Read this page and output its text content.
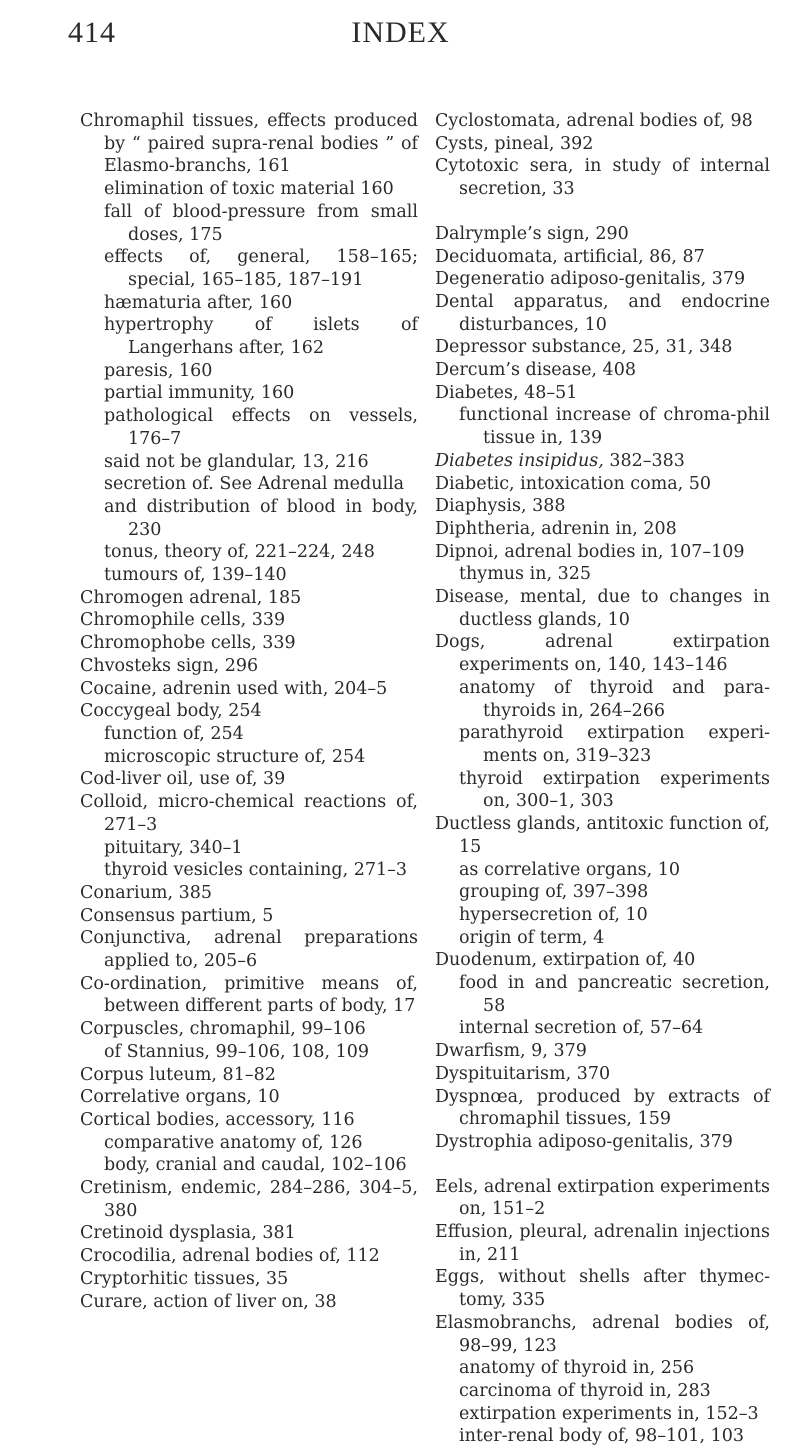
414	INDEX
Chromaphil tissues, effects produced by “ paired supra-renal bodies ” of Elasmo-branchs, 161
elimination of toxic material 160
fall of blood-pressure from small doses, 175
effects of, general, 158–165; special, 165–185, 187–191
hæmaturia after, 160
hypertrophy of islets of Langerhans after, 162
paresis, 160
partial immunity, 160
pathological effects on vessels, 176–7
said not be glandular, 13, 216
secretion of. See Adrenal medulla
and distribution of blood in body, 230
tonus, theory of, 221–224, 248
tumours of, 139–140
Chromogen adrenal, 185
Chromophile cells, 339
Chromophobe cells, 339
Chvosteks sign, 296
Cocaine, adrenin used with, 204–5
Coccygeal body, 254
function of, 254
microscopic structure of, 254
Cod-liver oil, use of, 39
Colloid, micro-chemical reactions of, 271–3
pituitary, 340–1
thyroid vesicles containing, 271–3
Conarium, 385
Consensus partium, 5
Conjunctiva, adrenal preparations applied to, 205–6
Co-ordination, primitive means of, between different parts of body, 17
Corpuscles, chromaphil, 99–106
of Stannius, 99–106, 108, 109
Corpus luteum, 81–82
Correlative organs, 10
Cortical bodies, accessory, 116
comparative anatomy of, 126
body, cranial and caudal, 102–106
Cretinism, endemic, 284–286, 304–5, 380
Cretinoid dysplasia, 381
Crocodilia, adrenal bodies of, 112
Cryptorhitic tissues, 35
Curare, action of liver on, 38
Cyclostomata, adrenal bodies of, 98
Cysts, pineal, 392
Cytotoxic sera, in study of internal secretion, 33
Dalrymple’s sign, 290
Deciduomata, artificial, 86, 87
Degeneratio adiposo-genitalis, 379
Dental apparatus, and endocrine disturbances, 10
Depressor substance, 25, 31, 348
Dercum’s disease, 408
Diabetes, 48–51
functional increase of chroma-phil tissue in, 139
Diabetes insipidus, 382–383
Diabetic, intoxication coma, 50
Diaphysis, 388
Diphtheria, adrenin in, 208
Dipnoi, adrenal bodies in, 107–109
thymus in, 325
Disease, mental, due to changes in ductless glands, 10
Dogs, adrenal extirpation experiments on, 140, 143–146
anatomy of thyroid and para-thyroids in, 264–266
parathyroid extirpation experi-ments on, 319–323
thyroid extirpation experiments on, 300–1, 303
Ductless glands, antitoxic function of, 15
as correlative organs, 10
grouping of, 397–398
hypersecretion of, 10
origin of term, 4
Duodenum, extirpation of, 40
food in and pancreatic secretion, 58
internal secretion of, 57–64
Dwarfism, 9, 379
Dyspituitarism, 370
Dyspnœa, produced by extracts of chromaphil tissues, 159
Dystrophia adiposo-genitalis, 379
Eels, adrenal extirpation experiments on, 151–2
Effusion, pleural, adrenalin injections in, 211
Eggs, without shells after thymec-tomy, 335
Elasmobranchs, adrenal bodies of, 98–99, 123
anatomy of thyroid in, 256
carcinoma of thyroid in, 283
extirpation experiments in, 152–3
inter-renal body of, 98–101, 103
